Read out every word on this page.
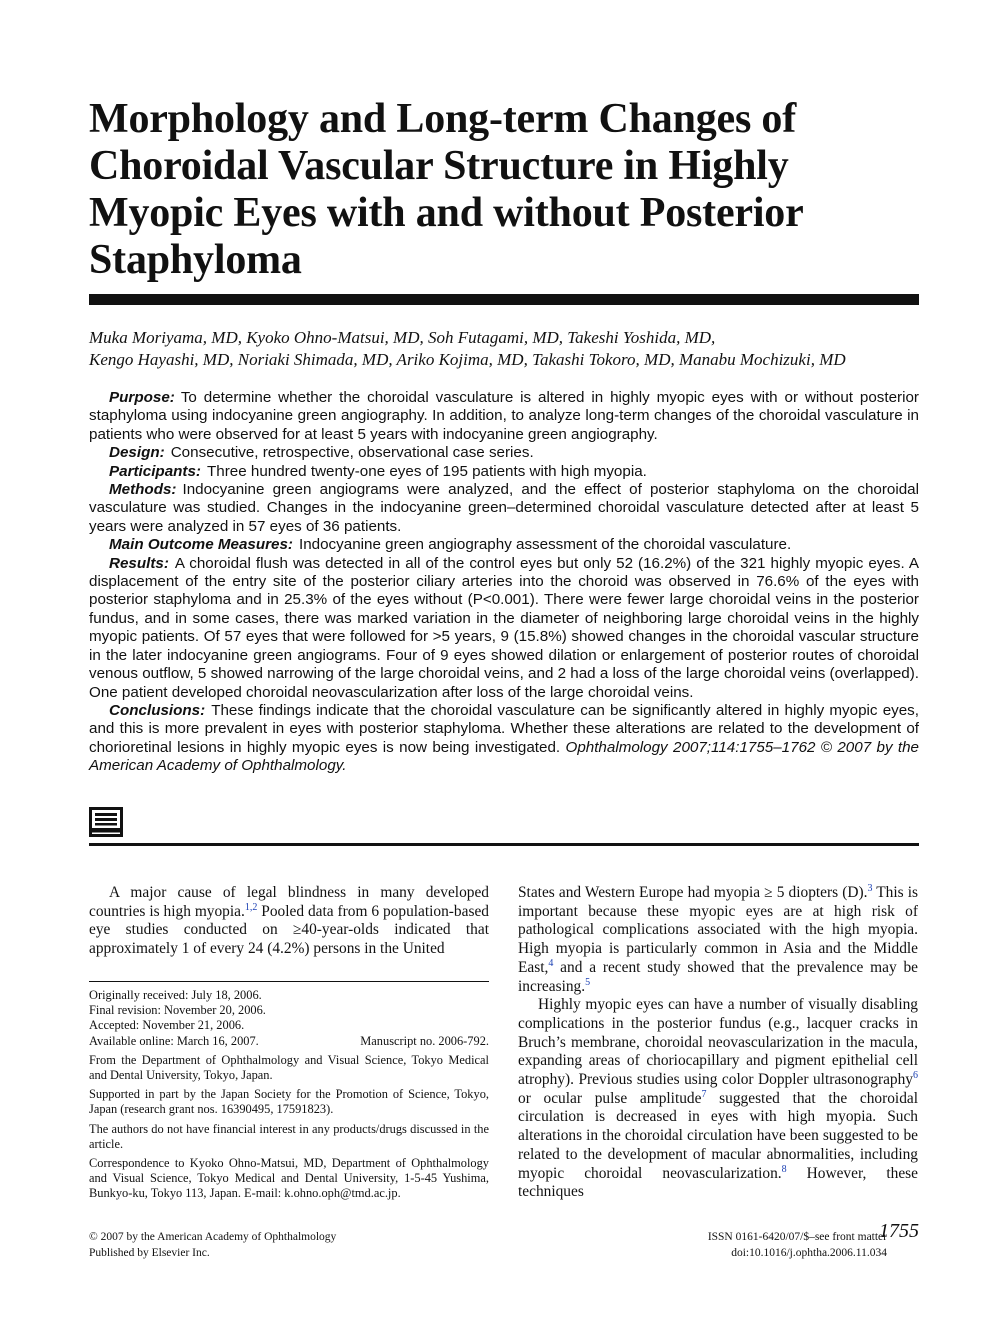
Morphology and Long-term Changes of Choroidal Vascular Structure in Highly Myopic Eyes with and without Posterior Staphyloma
Muka Moriyama, MD, Kyoko Ohno-Matsui, MD, Soh Futagami, MD, Takeshi Yoshida, MD,
Kengo Hayashi, MD, Noriaki Shimada, MD, Ariko Kojima, MD, Takashi Tokoro, MD, Manabu Mochizuki, MD

Purpose: To determine whether the choroidal vasculature is altered in highly myopic eyes with or without posterior staphyloma using indocyanine green angiography. In addition, to analyze long-term changes of the choroidal vasculature in patients who were observed for at least 5 years with indocyanine green angiography.

Design: Consecutive, retrospective, observational case series.

Participants: Three hundred twenty-one eyes of 195 patients with high myopia.

Methods: Indocyanine green angiograms were analyzed, and the effect of posterior staphyloma on the choroidal vasculature was studied. Changes in the indocyanine green–determined choroidal vasculature detected after at least 5 years were analyzed in 57 eyes of 36 patients.

Main Outcome Measures: Indocyanine green angiography assessment of the choroidal vasculature.

Results: A choroidal flush was detected in all of the control eyes but only 52 (16.2%) of the 321 highly myopic eyes. A displacement of the entry site of the posterior ciliary arteries into the choroid was observed in 76.6% of the eyes with posterior staphyloma and in 25.3% of the eyes without (P<0.001). There were fewer large choroidal veins in the posterior fundus, and in some cases, there was marked variation in the diameter of neighboring large choroidal veins in the highly myopic patients. Of 57 eyes that were followed for >5 years, 9 (15.8%) showed changes in the choroidal vascular structure in the later indocyanine green angiograms. Four of 9 eyes showed dilation or enlargement of posterior routes of choroidal venous outflow, 5 showed narrowing of the large choroidal veins, and 2 had a loss of the large choroidal veins (overlapped). One patient developed choroidal neovascularization after loss of the large choroidal veins.

Conclusions: These findings indicate that the choroidal vasculature can be significantly altered in highly myopic eyes, and this is more prevalent in eyes with posterior staphyloma. Whether these alterations are related to the development of chorioretinal lesions in highly myopic eyes is now being investigated. Ophthalmology 2007;114:1755–1762 © 2007 by the American Academy of Ophthalmology.

A major cause of legal blindness in many developed countries is high myopia.$^{1,2}$ Pooled data from 6 population-based eye studies conducted on ≥40-year-olds indicated that approximately 1 of every 24 (4.2%) persons in the United

Originally received: July 18, 2006.

Final revision: November 20, 2006.

Accepted: November 21, 2006.

Available online: March 16, 2007.	Manuscript no. 2006-792.

From the Department of Ophthalmology and Visual Science, Tokyo Medical and Dental University, Tokyo, Japan.

Supported in part by the Japan Society for the Promotion of Science, Tokyo, Japan (research grant nos. 16390495, 17591823).

The authors do not have financial interest in any products/drugs discussed in the article.

Correspondence to Kyoko Ohno-Matsui, MD, Department of Ophthalmology and Visual Science, Tokyo Medical and Dental University, 1-5-45 Yushima, Bunkyo-ku, Tokyo 113, Japan. E-mail: k.ohno.oph@tmd.ac.jp.

States and Western Europe had myopia ≥ 5 diopters (D).$^3$ This is important because these myopic eyes are at high risk of pathological complications associated with the high myopia. High myopia is particularly common in Asia and the Middle East,$^4$ and a recent study showed that the prevalence may be increasing.$^5$

Highly myopic eyes can have a number of visually disabling complications in the posterior fundus (e.g., lacquer cracks in Bruch’s membrane, choroidal neovascularization in the macula, expanding areas of choriocapillary and pigment epithelial cell atrophy). Previous studies using color Doppler ultrasonography$^6$ or ocular pulse amplitude$^7$ suggested that the choroidal circulation is decreased in eyes with high myopia. Such alterations in the choroidal circulation have been suggested to be related to the development of macular abnormalities, including myopic choroidal neovascularization.$^8$ However, these techniques

© 2007 by the American Academy of Ophthalmology
Published by Elsevier Inc.
ISSN 0161-6420/07/$–see front matter
doi:10.1016/j.ophtha.2006.11.034
1755
